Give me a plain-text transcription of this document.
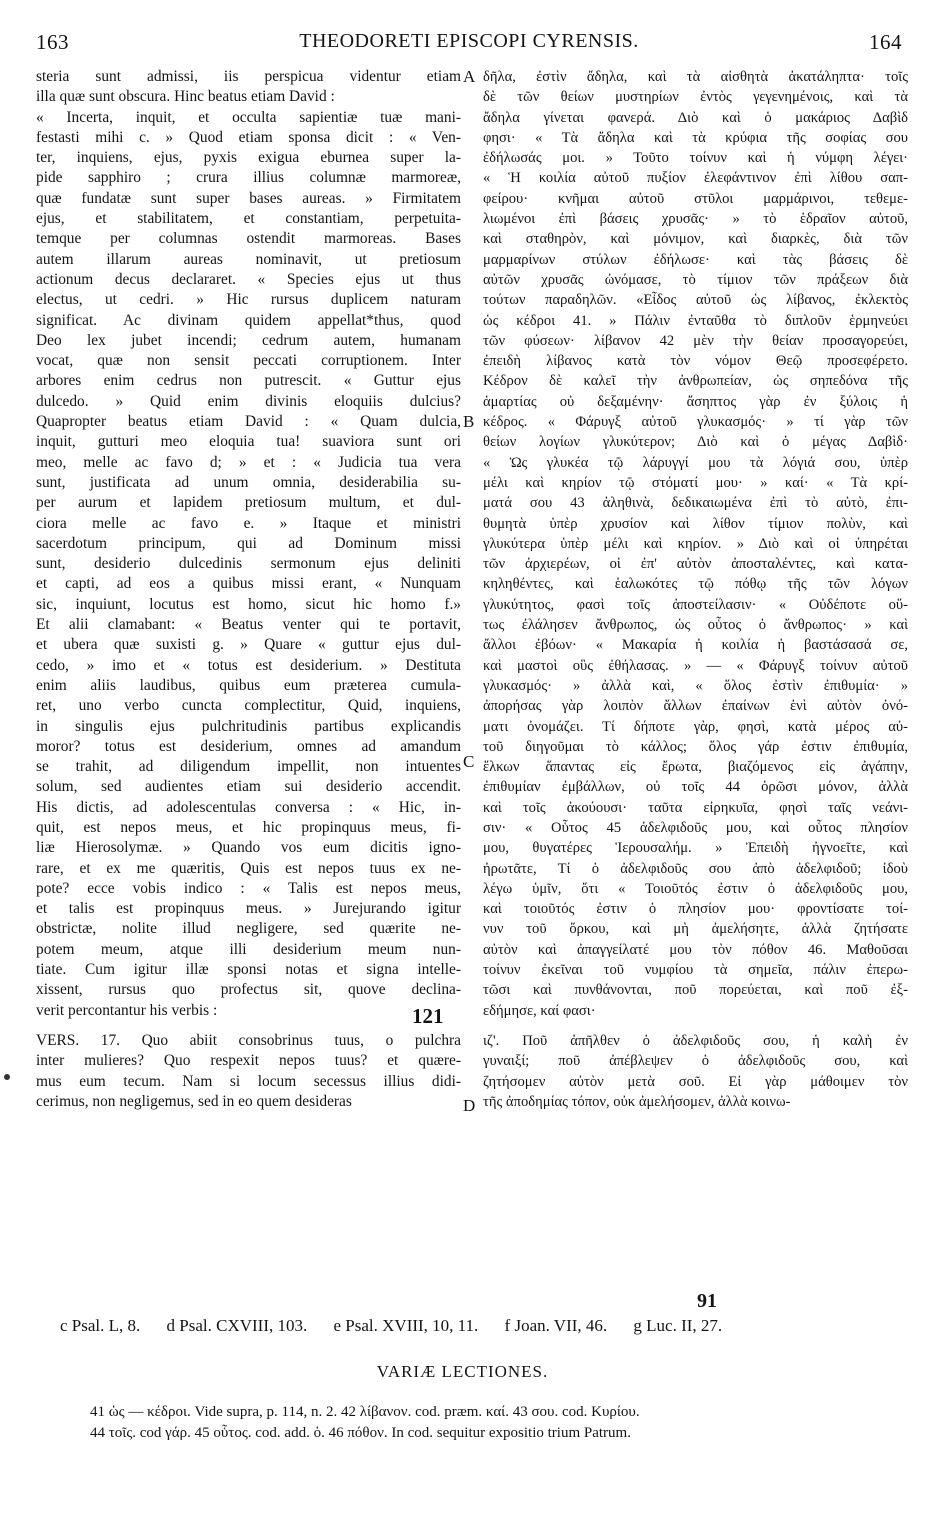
163	THEODORETI EPISCOPI CYRENSIS.	164
steria sunt admissi, iis perspicua videntur etiam
illa quæ sunt obscura. Hinc beatus etiam David :
« Incerta, inquit, et occulta sapientiæ tuæ mani-
festasti mihi c. » Quod etiam sponsa dicit : « Ven-
ter, inquiens, ejus, pyxis exigua eburnea super la-
pide sapphiro ; crura illius columnæ marmoreæ,
quæ fundatæ sunt super bases aureas. » Firmitatem
ejus, et stabilitatem, et constantiam, perpetuita-
temque per columnas ostendit marmoreas. Bases
autem illarum aureas nominavit, ut pretiosum
actionum decus declararet. « Species ejus ut thus
electus, ut cedri. » Hic rursus duplicem naturam
significat. Ac divinam quidem appellat*thus, quod
Deo lex jubet incendi; cedrum autem, humanam
vocat, quæ non sensit peccati corruptionem. Inter
arbores enim cedrus non putrescit. « Guttur ejus
dulcedo. » Quid enim divinis eloquiis dulcius?
Quapropter beatus etiam David : « Quam dulcia,
inquit, gutturi meo eloquia tua! suaviora sunt ori
meo, melle ac favo d; » et : « Judicia tua vera
sunt, justificata ad unum omnia, desiderabilia su-
per aurum et lapidem pretiosum multum, et dul-
ciora melle ac favo e. » Itaque et ministri
sacerdotum principum, qui ad Dominum missi
sunt, desiderio dulcedinis sermonum ejus deliniti
et capti, ad eos a quibus missi erant, « Nunquam
sic, inquiunt, locutus est homo, sicut hic homo f.»
Et alii clamabant: « Beatus venter qui te portavit,
et ubera quæ suxisti g. » Quare « guttur ejus dul-
cedo, » imo et « totus est desiderium. » Destituta
enim aliis laudibus, quibus eum præterea cumula-
ret, uno verbo cuncta complectitur, Quid, inquiens,
in singulis ejus pulchritudinis partibus explicandis
moror? totus est desiderium, omnes ad amandum
se trahit, ad diligendum impellit, non intuentes
solum, sed audientes etiam sui desiderio accendit.
His dictis, ad adolescentulas conversa : « Hic, in-
quit, est nepos meus, et hic propinquus meus, fi-
liæ Hierosolymæ. » Quando vos eum dicitis igno-
rare, et ex me quæritis, Quis est nepos tuus ex ne-
pote? ecce vobis indico : « Talis est nepos meus,
et talis est propinquus meus. » Jurejurando igitur
obstrictæ, nolite illud negligere, sed quærite ne-
potem meum, atque illi desiderium meum nun-
tiate. Cum igitur illæ sponsi notas et signa intelle-
xissent, rursus quo profectus sit, quove declina-
verit percontantur his verbis :
VERS. 17. Quo abiit consobrinus tuus, o pulchra
inter mulieres? Quo respexit nepos tuus? et quære-
mus eum tecum. Nam si locum secessus illius didi-
cerimus, non negligemus, sed in eo quem desideras
δῆλα, ἐστὶν ἄδηλα, καὶ τὰ αἰσθητὰ ἀκατάληπτα· τοῖς
δὲ τῶν θείων μυστηρίων ἐντὸς γεγενημένοις, καὶ τὰ
ἄδηλα γίνεται φανερά. Διὸ καὶ ὁ μακάριος Δαβὶδ
φησι· « Τὰ ἄδηλα καὶ τὰ κρύφια τῆς σοφίας σου
ἐδήλωσάς μοι. » Τοῦτο τοίνυν καὶ ἡ νύμφη λέγει·
« Ἡ κοιλία αὐτοῦ πυξίον ἐλεφάντινον ἐπὶ λίθου σαπ-
φείρου· κνῆμαι αὐτοῦ στῦλοι μαρμάρινοι, τεθεμε-
λιωμένοι ἐπὶ βάσεις χρυσᾶς· » τὸ ἑδραῖον αὐτοῦ,
καὶ σταθηρὸν, καὶ μόνιμον, καὶ διαρκὲς, διὰ τῶν
μαρμαρίνων στύλων ἐδήλωσε· καὶ τὰς βάσεις δὲ
αὐτῶν χρυσᾶς ὠνόμασε, τὸ τίμιον τῶν πράξεων διὰ
τούτων παραδηλῶν. «Εἶδος αὐτοῦ ὡς λίβανος, ἐκλεκτὸς
ὡς κέδροι 41. » Πάλιν ἐνταῦθα τὸ διπλοῦν ἑρμηνεύει
τῶν φύσεων· λίβανον 42 μὲν τὴν θείαν προσαγορεύει,
ἐπειδὴ λίβανος κατὰ τὸν νόμον Θεῷ προσεφέρετο.
Κέδρον δὲ καλεῖ τὴν ἀνθρωπείαν, ὡς σηπεδόνα τῆς
ἁμαρτίας οὐ δεξαμένην· ἄσηπτος γὰρ ἐν ξύλοις ἡ
κέδρος. « Φάρυγξ αὐτοῦ γλυκασμός· » τί γὰρ τῶν
θείων λογίων γλυκύτερον; Διὸ καὶ ὁ μέγας Δαβὶδ·
« Ὡς γλυκέα τῷ λάρυγγί μου τὰ λόγιά σου, ὑπὲρ
μέλι καὶ κηρίον τῷ στόματί μου· » καί· « Τὰ κρί-
ματά σου 43 ἀληθινὰ, δεδικαιωμένα ἐπὶ τὸ αὐτὸ, ἐπι-
θυμητὰ ὑπὲρ χρυσίον καὶ λίθον τίμιον πολὺν, καὶ
γλυκύτερα ὑπὲρ μέλι καὶ κηρίον. » Διὸ καὶ οἱ ὑπηρέται
τῶν ἀρχιερέων, οἱ ἐπ' αὐτὸν ἀποσταλέντες, καὶ κατα-
κηληθέντες, καὶ ἑαλωκότες τῷ πόθῳ τῆς τῶν λόγων
γλυκύτητος, φασὶ τοῖς ἀποστείλασιν· « Οὐδέποτε οὕ-
τως ἐλάλησεν ἄνθρωπος, ὡς οὗτος ὁ ἄνθρωπος· » καὶ
ἄλλοι ἐβόων· « Μακαρία ἡ κοιλία ἡ βαστάσασά σε,
καὶ μαστοὶ οὓς ἐθήλασας. » — « Φάρυγξ τοίνυν αὐτοῦ
γλυκασμός· » ἀλλὰ καὶ, « ὅλος ἐστὶν ἐπιθυμία· »
ἀπορήσας γὰρ λοιπὸν ἄλλων ἐπαίνων ἑνὶ αὐτὸν ὀνό-
ματι ὀνομάζει. Τί δήποτε γὰρ, φησὶ, κατὰ μέρος αὐ-
τοῦ διηγοῦμαι τὸ κάλλος; ὅλος γάρ ἐστιν ἐπιθυμία,
ἕλκων ἅπαντας εἰς ἔρωτα, βιαζόμενος εἰς ἀγάπην,
ἐπιθυμίαν ἐμβάλλων, οὐ τοῖς 44 ὁρῶσι μόνον, ἀλλὰ
καὶ τοῖς ἀκούουσι· ταῦτα εἰρηκυῖα, φησὶ ταῖς νεάνι-
σιν· « Οὗτος 45 ἀδελφιδοῦς μου, καὶ οὗτος πλησίον
μου, θυγατέρες Ἱερουσαλήμ. » Ἐπειδὴ ἠγνοεῖτε, καὶ
ἠρωτᾶτε, Τί ὁ ἀδελφιδοῦς σου ἀπὸ ἀδελφιδοῦ; ἰδοὺ
λέγω ὑμῖν, ὅτι « Τοιοῦτός ἐστιν ὁ ἀδελφιδοῦς μου,
καὶ τοιοῦτός ἐστιν ὁ πλησίον μου· φροντίσατε τοί-
νυν τοῦ ὅρκου, καὶ μὴ ἀμελήσητε, ἀλλὰ ζητήσατε
αὐτὸν καὶ ἀπαγγείλατέ μου τὸν πόθον 46. Μαθοῦσαι
τοίνυν ἐκεῖναι τοῦ νυμφίου τὰ σημεῖα, πάλιν ἐπερω-
τῶσι καὶ πυνθάνονται, ποῦ πορεύεται, καὶ ποῦ ἐξ-
εδήμησε, καί φασι·
ιζ'. Ποῦ ἀπῆλθεν ὁ ἀδελφιδοῦς σου, ἡ καλὴ ἐν
γυναιξί; ποῦ ἀπέβλεψεν ὁ ἀδελφιδοῦς σου, καὶ
ζητήσομεν αὐτὸν μετὰ σοῦ. Εἰ γὰρ μάθοιμεν τὸν
τῆς ἀποδημίας τόπον, οὐκ ἀμελήσομεν, ἀλλὰ κοινω-
A
B
C
D
121
91
c Psal. L, 8. d Psal. CXVIII, 103. e Psal. XVIII, 10, 11. f Joan. VII, 46. g Luc. II, 27.
VARIÆ LECTIONES.
41 ὡς — κέδροι. Vide supra, p. 114, n. 2. 42 λίβανον. cod. præm. καί. 43 σου. cod. Κυρίου.
44 τοῖς. cod γάρ. 45 οὗτος. cod. add. ὁ. 46 πόθον. In cod. sequitur expositio trium Patrum.
